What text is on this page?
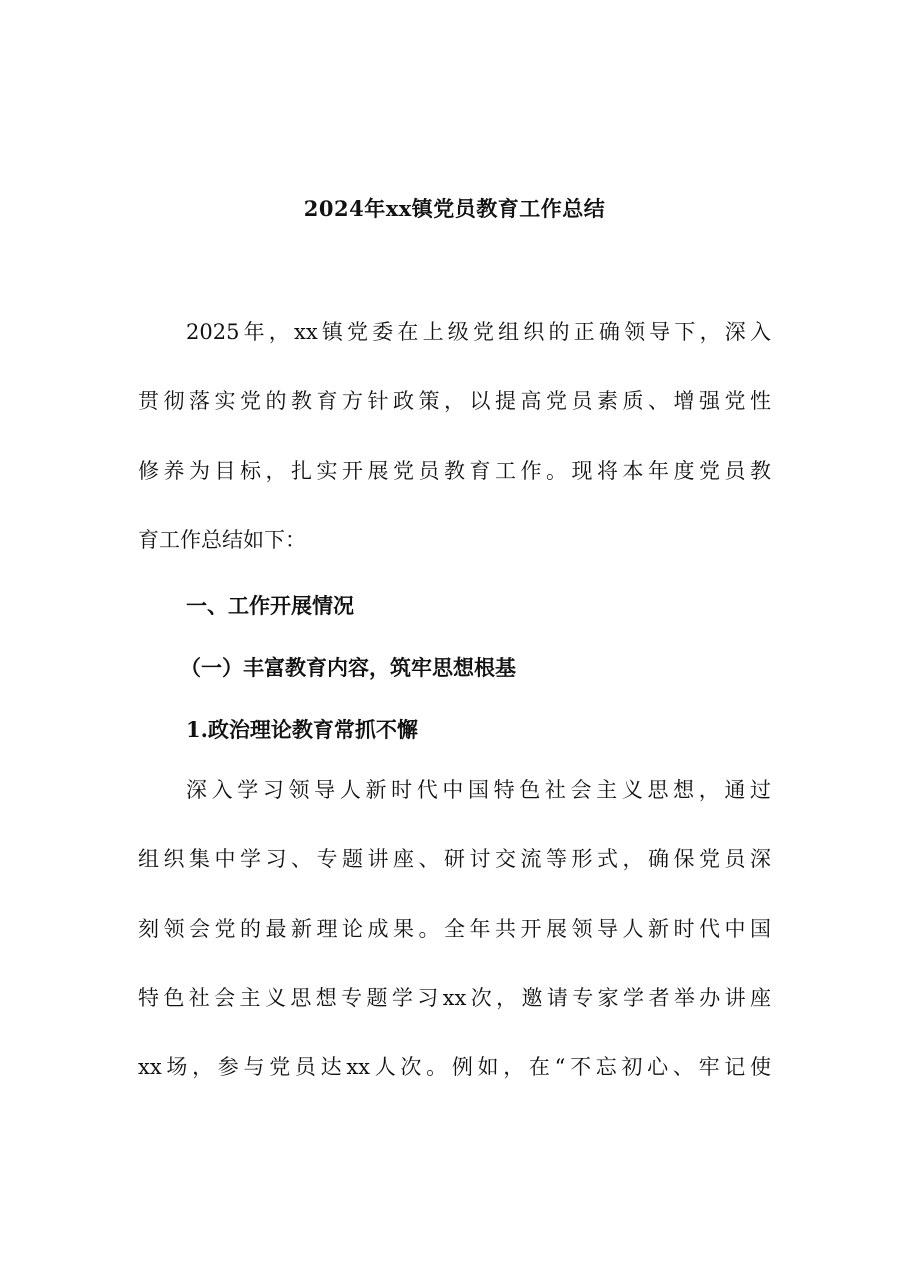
2024年xx镇党员教育工作总结
2025年，xx镇党委在上级党组织的正确领导下，深入
贯彻落实党的教育方针政策，以提高党员素质、增强党性
修养为目标，扎实开展党员教育工作。现将本年度党员教
育工作总结如下：
一、工作开展情况
（一）丰富教育内容，筑牢思想根基
1.政治理论教育常抓不懈
深入学习领导人新时代中国特色社会主义思想，通过
组织集中学习、专题讲座、研讨交流等形式，确保党员深
刻领会党的最新理论成果。全年共开展领导人新时代中国
特色社会主义思想专题学习xx次，邀请专家学者举办讲座
xx场，参与党员达xx人次。例如，在“不忘初心、牢记使
